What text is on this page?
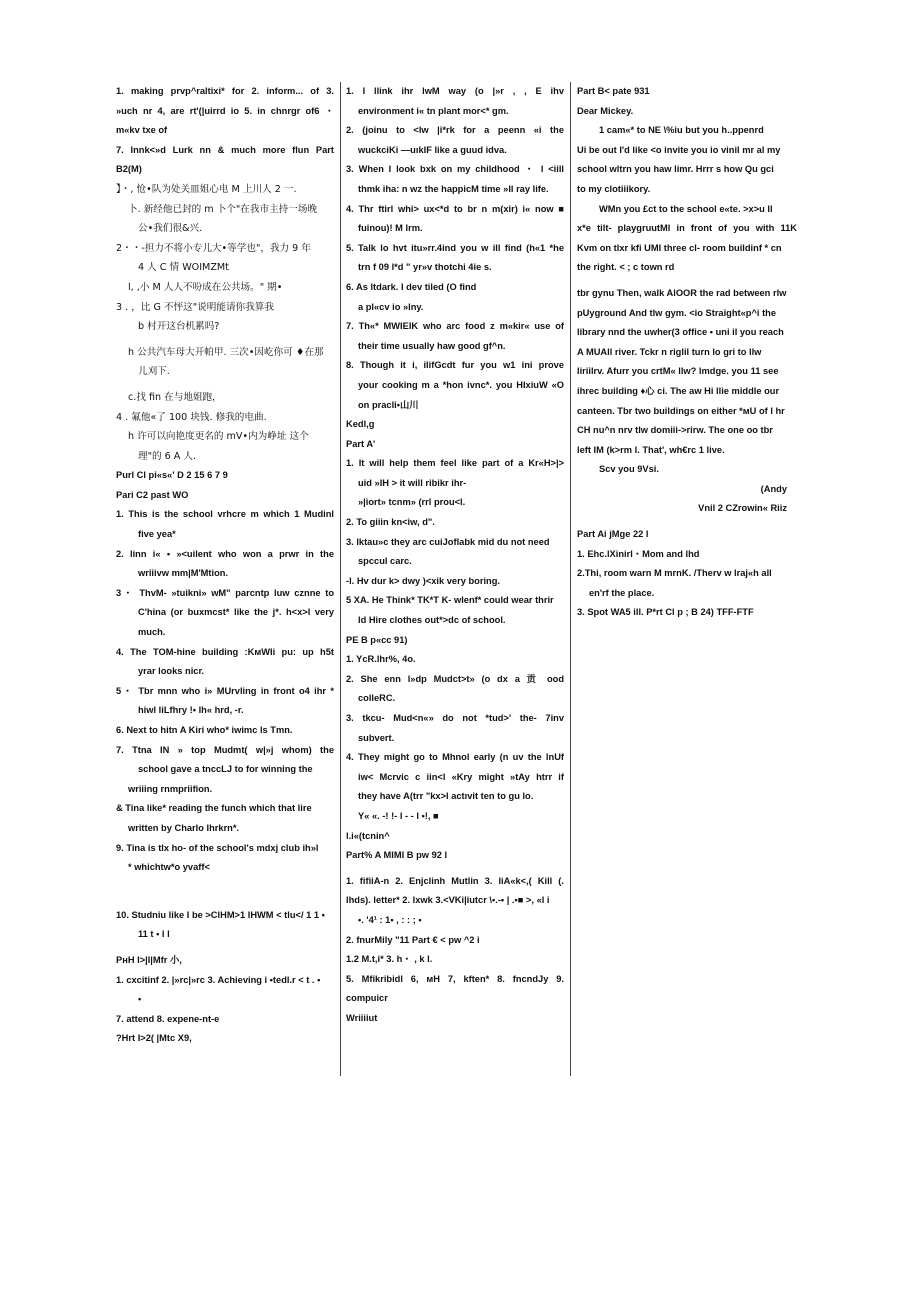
1. making prvp^raltixi* for 2. inform... of 3.
»uch nr 4, are rt'(|uirrd io 5. in chnrgr of6 ・
m«kv txe of
7. Innk<»d Lurk nn & much more flun Part
B2(M)
】・, 怆•队为处关皿姐心电 M 上川人 2 一.
卜. 新经他已封的 m 卜个"在我市主持一场晚
公•我们很&兴.
2・・-担力不将小专儿大•等学也"，我力 9 年
4 人 C 情 WOIMZMt
l, ,小 M 人人不吩成在公共场。" 期•
3 . ，比 G 不怦这"说明能请你我算我
b 村开这台机累吗?
h 公共汽车母大开帕甲. 三次•因屹你可 ♦在那
儿刈下.
c.找 fin 在与地姐跑，
4 . 氟他«了 100 块钱. 修我的电曲.
h 许可以向艳度更名的 mV•内为峥址 这个
理"的 6 A 人.
Purl Cl pi«s«' D 2 15 6 7 9
Pari C2 past WO
1. This is the school vrhcre m which 1 Mudinl
five yea*
2. linn i« • »<uilent who won a prwr in the
wriiivw mm|M'Mtion.
3・ ThvM- »tuikni» wM" parcntp luw cznne to
C'hina (or buxmcst* like the j*. h<x>l very
much.
4. The TOM-hine building :KмWIi pu: up h5t
yrar looks nicr.
5・ Tbr mnn who i» MUrvling in front o4 ihr *
hiwl liLfhry !• lh« hrd, -r.
6. Next to hitn A Kiri who* iwimc ls Tmn.
7. Ttna IN » top Mudmt( w|»j whom) the
school gave a tnccLJ to for winning the
wriiing rnmpriifion.
& Tina like* reading the funch which that lire
written by Charlo Ihrkrn*.
9. Tina is tlx ho- of the school's mdxj club ih»l
* whichtw*o yvaff<
10. Studniu like I be >ClHM>1 IHWM < tlu</ 1 1 •
11 t • l l
PнH I>|I|Mfr 小,
1. cxcitinf 2. |»rc|»rc 3. Achieving i •tedl.r < t . •
•
7. attend 8. expene-nt-e
?Hrt I>2( |Mtc X9,
1. I llink ihr lwM way (o |»r , , E ihv
environment i« tn plant mor<* gm.
2. (joinu to <lw |i*rk for a peenn «i the
wuckciKi —uıkIF like a guud idva.
3. When I look bxk on my childhood ・ l <iill
thmk iha: n wz the happicM time »ll ray life.
4. Thr ftirl whi> ux<*d to br n m(xir) i« now ■
fuinou)! M lrm.
5. Talk lo hvt itu»rr.4ind you w ill find (h«1 *he
trn f 09 l*d " yr»v thotchi 4ie s.
6. As ltdark. I dev tiled (O find
a pl«cv io »lny.
7. Th«* MWIEIK who arc food z m«kir« use of
their time usually haw good gf^n.
8. Though it i, ilifGcdt fur you w1 ini prove
your cooking m a *hon ivnc*. you HIxiuW «O
on pracli•山川
Kedl,g
Part A'
1. It will help them feel like part of a Kr«H>|>
uid »IH > it will ribikr ihr-
»|iort» tcnm» (rrl prou<l.
2. To giiin kn<iw, d".
3. lktau»c they arc cuiJoflabk mid du not need
spccul carc.
-l. Hv dur k> dwy )<xik very boring.
5 XA. He Think* TK*T K- wlenf* could wear thrir
ld Hire clothes out*>dc of school.
PE B p«cc 91)
1. YcR.lhr%, 4o.
2. She enn l»dp Mudct>t» (o dx a 贡 ood
colleRC.
3. tkcu- Mud<n«» do not *tud>' the- 7inv
subvert.
4. They might go to Mhnol early (n uv the lnUf
iw< Mcrvic c iin<l «Kry might »tAy htrr if
they have A(trr "kx>l actıvit ten to gu lo.
Y« «. -! !- l - - l •!, ■
l.i«(tcnin^
Part% A MIMI B pw 92 l
1. fifiiA-n 2. Enjclinh Mutlin 3. liA«k<,( Kill (.
lhds). letter* 2. lxwk 3.<VKi|iutcr \•.-• | .•■ >, «l i
•. '4¹ : 1• , : : ; •
2. fnurMily "11 Part € < pw ^2 i
1.2 M.t,i* 3. h・ , k l.
5. Mfikribidl 6, мH 7, kften* 8. fncndJy 9.
compuicr
Wriiiiut
Part B< pate 931
Dear Mickey.
1 cam«* to NE \%iu but you h..ppenrd
Ui be out I'd like <o invite you io vinil mr al my
school wltrn you haw limr. Hrrr s how Qu gci
to my clotiiikory.
WMn you £ct to the school e«te. >x>u ll
x*e tilt- playgruutMl in front of you with 11K
Kvm on tlxr kfi UMI three cl- room buildinf * cn
the right. < ; c town rd
tbr gynu Then, walk AlOOR the rad between rlw
pUyground And tlw gym. <io Straight«p^i the
library nnd the uwher(3 office • uni il you reach
A MUAll river. Tckr n riglil turn lo gri to llw
liriilrv. Afurr you crtM« llw? lmdge. you 11 see
ihrec building ♦心 ci. The aw Hi llie middle our
canteen. Tbr two buildings on either *мU of l hr
CH nu^n nrv tlw domiii->rirw. The one oo tbr
left IM (k>rm l. That', wh€rc 1 live.
Scv you 9Vsi.
(Andy
Vnil 2 CZrowin« Riiz
Part Ai jMge 22 l
1. Ehc.lXinirl・Mom and lhd
2.Thi, room warn M mrnK. /Therv w lraj«h all
en'rf the place.
3. Spot WA5 ill. P*rt Cl p ; B 24) TFF-FTF
